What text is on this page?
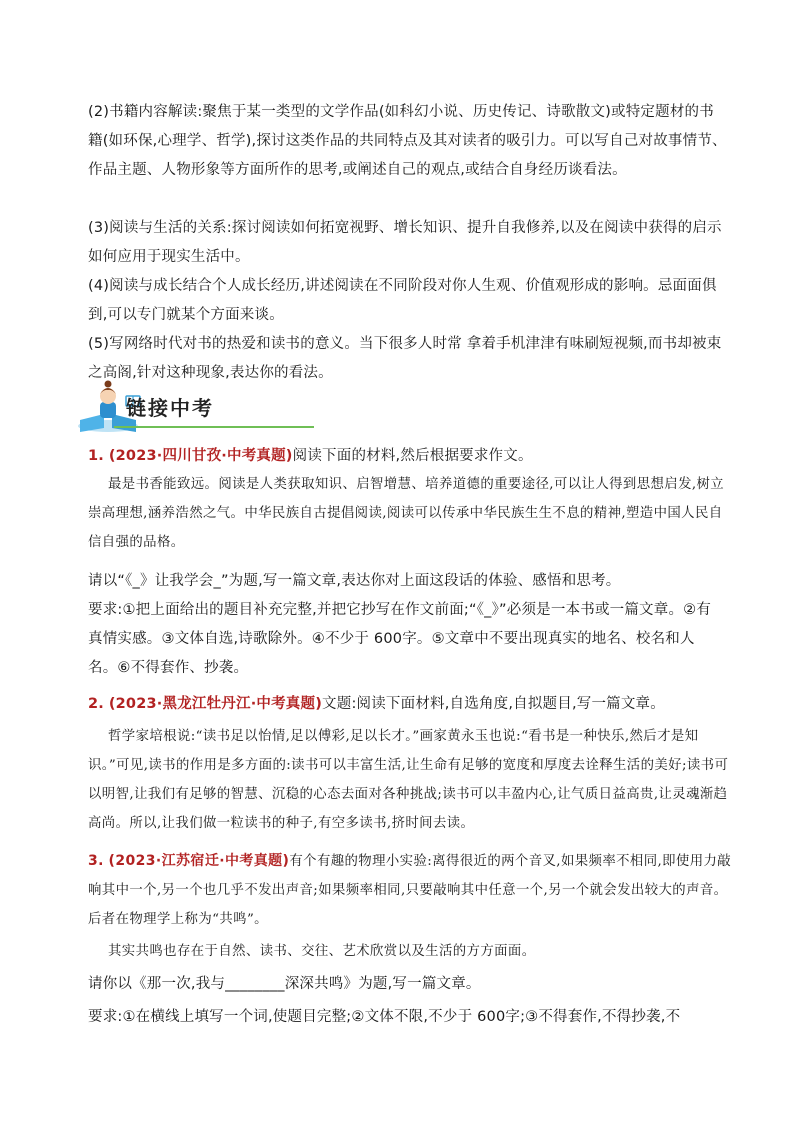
(2)书籍内容解读:聚焦于某一类型的文学作品(如科幻小说、历史传记、诗歌散文)或特定题材的书籍(如环保,心理学、哲学),探讨这类作品的共同特点及其对读者的吸引力。可以写自己对故事情节、作品主题、人物形象等方面所作的思考,或阐述自己的观点,或结合自身经历谈看法。

(3)阅读与生活的关系:探讨阅读如何拓宽视野、增长知识、提升自我修养,以及在阅读中获得的启示如何应用于现实生活中。

(4)阅读与成长结合个人成长经历,讲述阅读在不同阶段对你人生观、价值观形成的影响。忌面面俱到,可以专门就某个方面来谈。

(5)写网络时代对书的热爱和读书的意义。当下很多人时常 拿着手机津津有味刷短视频,而书却被束之高阁,针对这种现象,表达你的看法。

链接中考

1. (2023·四川甘孜·中考真题)阅读下面的材料,然后根据要求作文。

最是书香能致远。阅读是人类获取知识、启智增慧、培养道德的重要途径,可以让人得到思想启发,树立崇高理想,涵养浩然之气。中华民族自古提倡阅读,阅读可以传承中华民族生生不息的精神,塑造中国人民自信自强的品格。

请以“《_》让我学会_”为题,写一篇文章,表达你对上面这段话的体验、感悟和思考。

要求:①把上面给出的题目补充完整,并把它抄写在作文前面;“《_》”必须是一本书或一篇文章。②有真情实感。③文体自选,诗歌除外。④不少于 600字。⑤文章中不要出现真实的地名、校名和人名。⑥不得套作、抄袭。

2. (2023·黑龙江牡丹江·中考真题)文题:阅读下面材料,自选角度,自拟题目,写一篇文章。

哲学家培根说:“读书足以怡情,足以傅彩,足以长才。”画家黄永玉也说:“看书是一种快乐,然后才是知识。”可见,读书的作用是多方面的:读书可以丰富生活,让生命有足够的宽度和厚度去诠释生活的美好;读书可以明智,让我们有足够的智慧、沉稳的心态去面对各种挑战;读书可以丰盈内心,让气质日益高贵,让灵魂渐趋高尚。所以,让我们做一粒读书的种子,有空多读书,挤时间去读。

3. (2023·江苏宿迁·中考真题)有个有趣的物理小实验:离得很近的两个音叉,如果频率不相同,即使用力敲响其中一个,另一个也几乎不发出声音;如果频率相同,只要敲响其中任意一个,另一个就会发出较大的声音。后者在物理学上称为“共鸣”。

其实共鸣也存在于自然、读书、交往、艺术欣赏以及生活的方方面面。

请你以《那一次,我与________深深共鸣》为题,写一篇文章。

要求:①在横线上填写一个词,使题目完整;②文体不限,不少于 600字;③不得套作,不得抄袭,不
